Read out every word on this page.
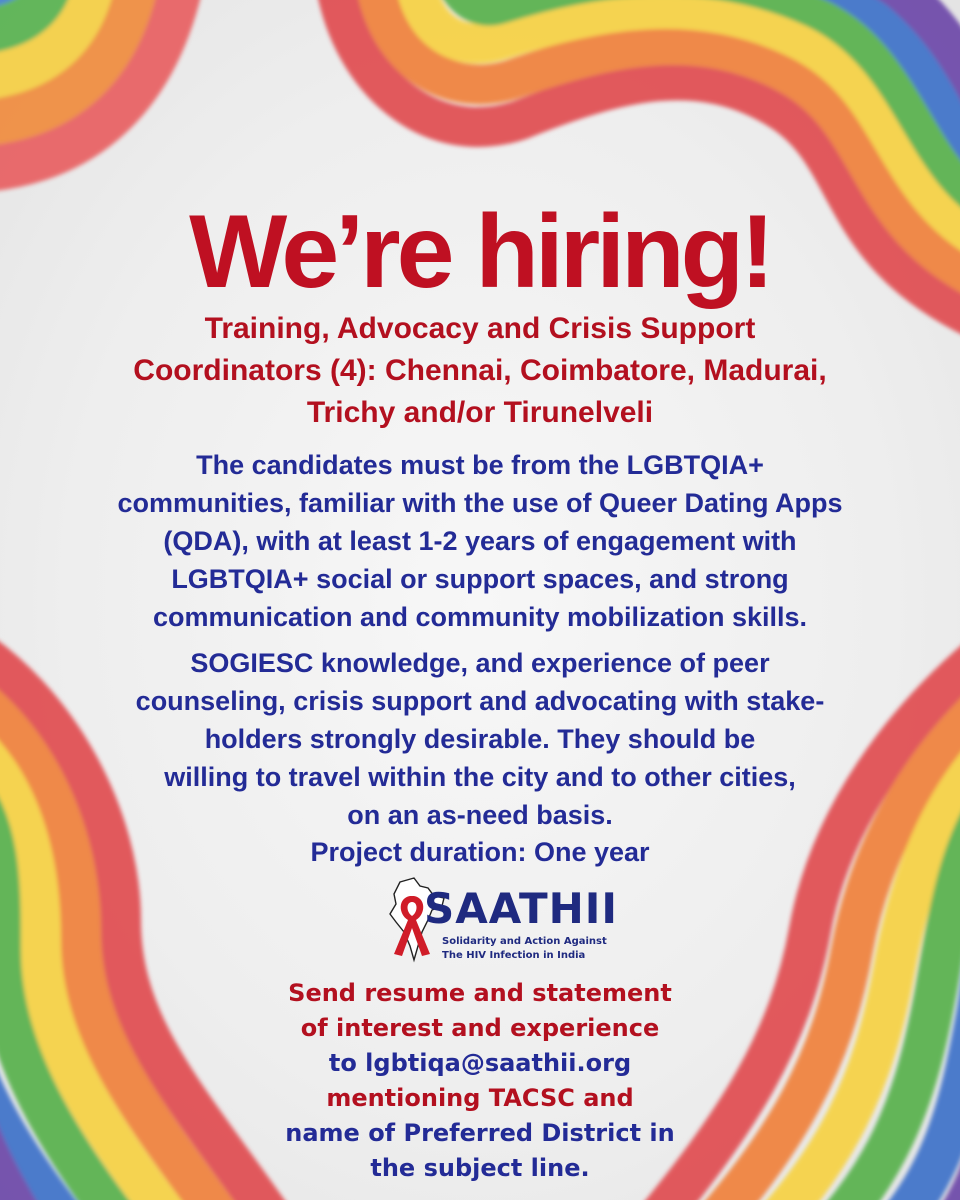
We’re hiring!
Training, Advocacy and Crisis Support
Coordinators (4): Chennai, Coimbatore, Madurai,
Trichy and/or Tirunelveli
The candidates must be from the LGBTQIA+
communities, familiar with the use of Queer Dating Apps
(QDA), with at least 1-2 years of engagement with
LGBTQIA+ social or support spaces, and strong
communication and community mobilization skills.
SOGIESC knowledge, and experience of peer
counseling, crisis support and advocating with stake-
holders strongly desirable. They should be
willing to travel within the city and to other cities,
on an as-need basis.
Project duration: One year
SAATHII
Solidarity and Action Against
The HIV Infection in India
Send resume and statement
of interest and experience
to lgbtiqa@saathii.org
mentioning TACSC and
name of Preferred District in
the subject line.
